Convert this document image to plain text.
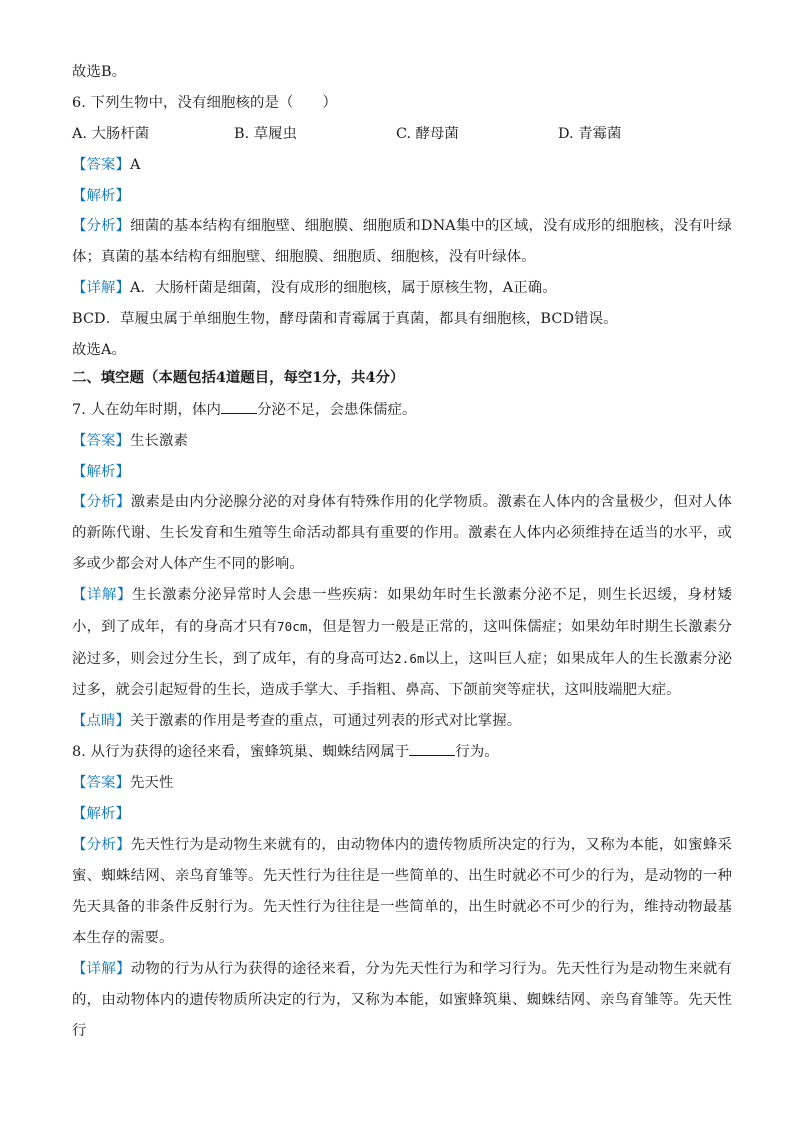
故选B。
6. 下列生物中，没有细胞核的是（　　）
A. 大肠杆菌	B. 草履虫	C. 酵母菌	D. 青霉菌
【答案】A
【解析】
【分析】细菌的基本结构有细胞壁、细胞膜、细胞质和DNA集中的区域，没有成形的细胞核，没有叶绿体；真菌的基本结构有细胞壁、细胞膜、细胞质、细胞核，没有叶绿体。
【详解】A．大肠杆菌是细菌，没有成形的细胞核，属于原核生物，A正确。
BCD．草履虫属于单细胞生物，酵母菌和青霉属于真菌，都具有细胞核，BCD错误。
故选A。
二、填空题（本题包括4道题目，每空1分，共4分）
7. 人在幼年时期，体内	分泌不足，会患侏儒症。
【答案】生长激素
【解析】
【分析】激素是由内分泌腺分泌的对身体有特殊作用的化学物质。激素在人体内的含量极少，但对人体的新陈代谢、生长发育和生殖等生命活动都具有重要的作用。激素在人体内必须维持在适当的水平，或多或少都会对人体产生不同的影响。
【详解】生长激素分泌异常时人会患一些疾病：如果幼年时生长激素分泌不足，则生长迟缓，身材矮小，到了成年，有的身高才只有70cm，但是智力一般是正常的，这叫侏儒症；如果幼年时期生长激素分泌过多，则会过分生长，到了成年，有的身高可达2.6m以上，这叫巨人症；如果成年人的生长激素分泌过多，就会引起短骨的生长，造成手掌大、手指粗、鼻高、下颌前突等症状，这叫肢端肥大症。
【点睛】关于激素的作用是考查的重点，可通过列表的形式对比掌握。
8. 从行为获得的途径来看，蜜蜂筑巢、蜘蛛结网属于	行为。
【答案】先天性
【解析】
【分析】先天性行为是动物生来就有的，由动物体内的遗传物质所决定的行为，又称为本能，如蜜蜂采蜜、蜘蛛结网、亲鸟育雏等。先天性行为往往是一些简单的、出生时就必不可少的行为，是动物的一种先天具备的非条件反射行为。先天性行为往往是一些简单的，出生时就必不可少的行为，维持动物最基本生存的需要。
【详解】动物的行为从行为获得的途径来看，分为先天性行为和学习行为。先天性行为是动物生来就有的，由动物体内的遗传物质所决定的行为，又称为本能，如蜜蜂筑巢、蜘蛛结网、亲鸟育雏等。先天性行
